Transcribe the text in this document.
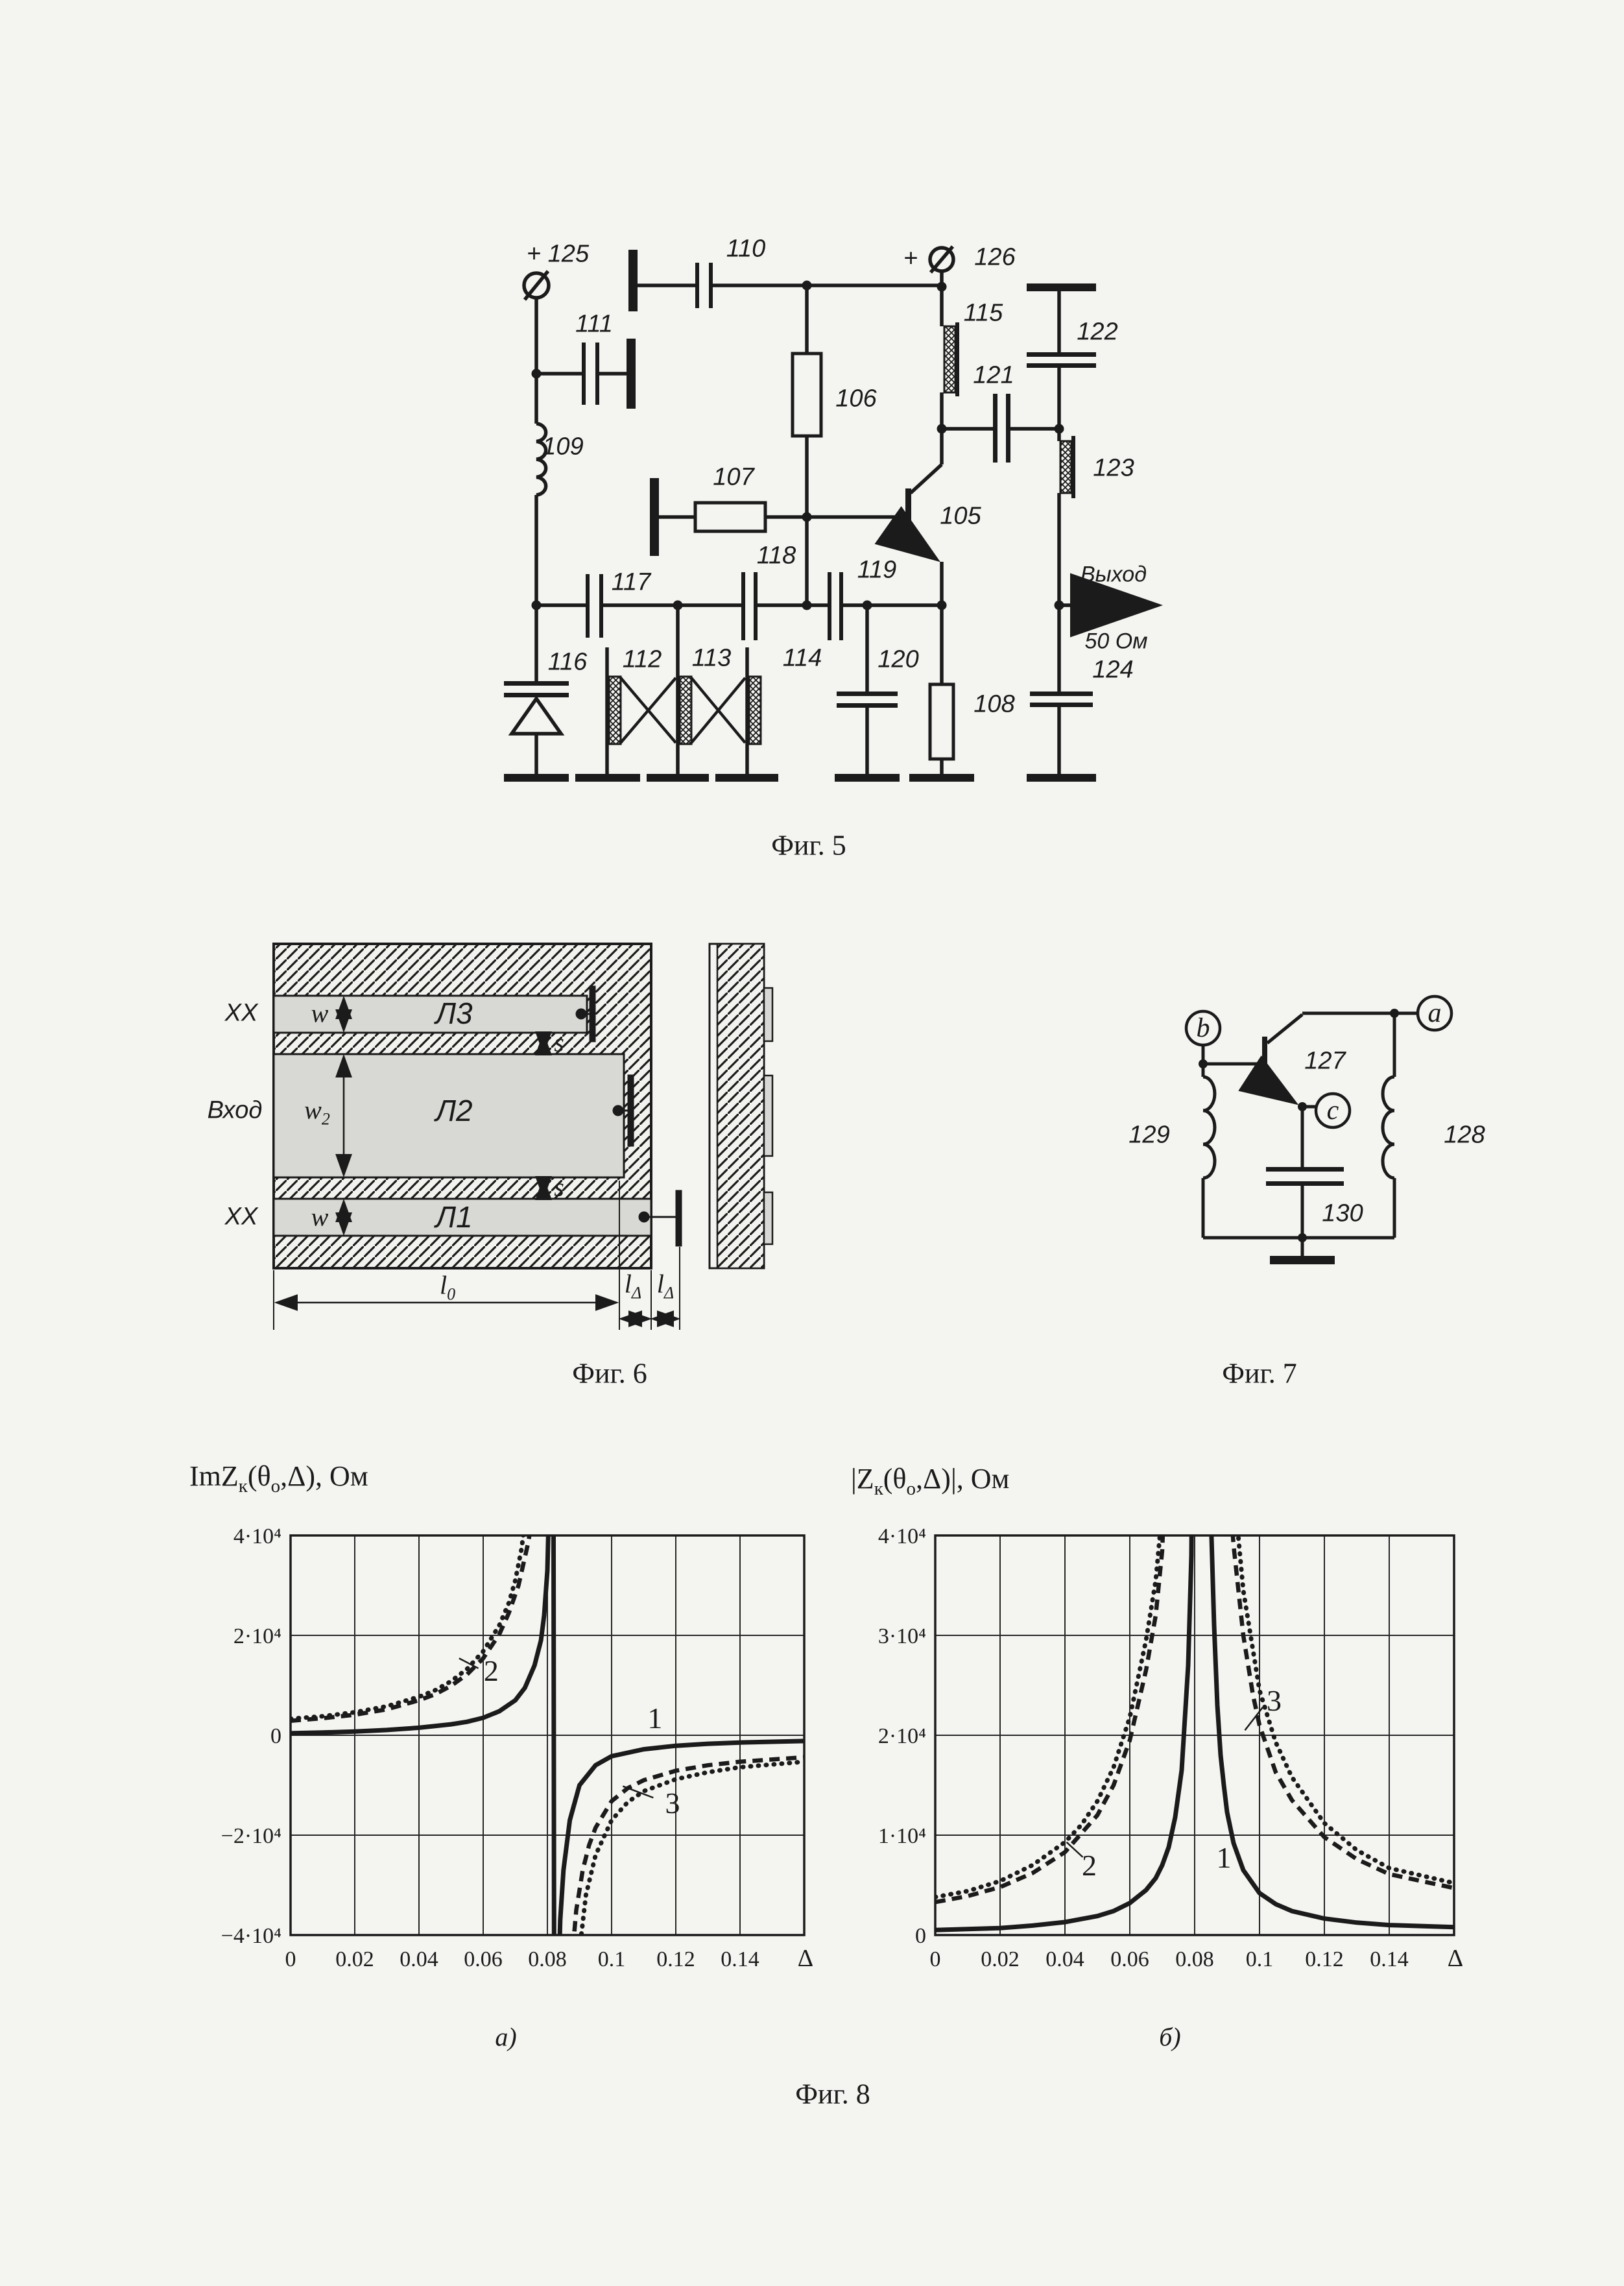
+ 125	110	+ 126
111	115
122
106
121
109
107
105
123
Выход
117
118
119
50 Ом
116 112 113 114 120
108
124
Фиг. 5
XX
Вход
XX
Л3
Л2
Л1
w
$w_2$
w
s
s
$l_0$	$l_\Delta$ $l_\Delta$
Фиг. 6
b	a
c
127
128
129
130
Фиг. 7
$ImZ_к(\theta_о,\Delta)$, Ом	$|Z_к(\theta_о,\Delta)|$, Ом
1
2
3
0 0.02 0.04 0.06 0.08 0.1 0.12 0.14 Δ
4·10⁴
2·10⁴
0
−2·10⁴
−4·10⁴
1
2
3
0 0.02 0.04 0.06 0.08 0.1 0.12 0.14 Δ
4·10⁴
3·10⁴
2·10⁴
1·10⁴
0
а)	б)
Фиг. 8
